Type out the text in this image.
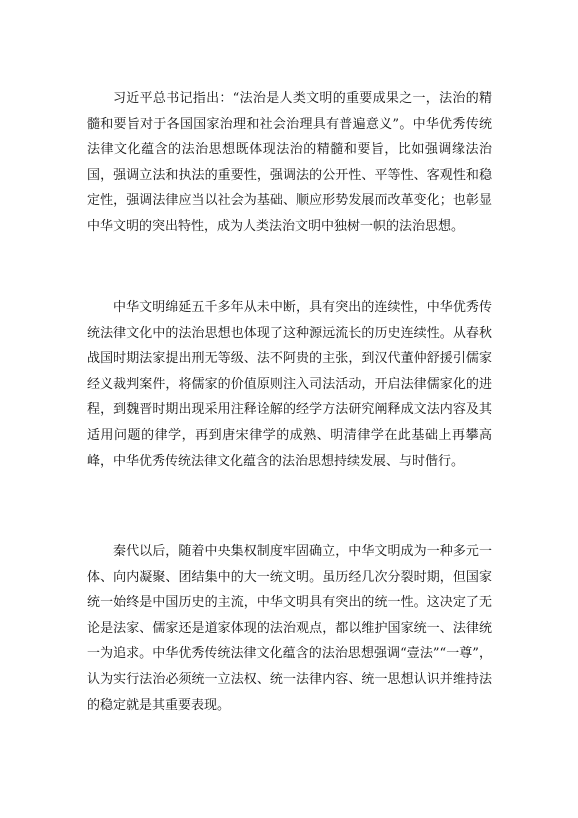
习近平总书记指出：“法治是人类文明的重要成果之一，法治的精髓和要旨对于各国国家治理和社会治理具有普遍意义”。中华优秀传统法律文化蕴含的法治思想既体现法治的精髓和要旨，比如强调缘法治国，强调立法和执法的重要性，强调法的公开性、平等性、客观性和稳定性，强调法律应当以社会为基础、顺应形势发展而改革变化；也彰显中华文明的突出特性，成为人类法治文明中独树一帜的法治思想。

中华文明绵延五千多年从未中断，具有突出的连续性，中华优秀传统法律文化中的法治思想也体现了这种源远流长的历史连续性。从春秋战国时期法家提出刑无等级、法不阿贵的主张，到汉代董仲舒援引儒家经义裁判案件，将儒家的价值原则注入司法活动，开启法律儒家化的进程，到魏晋时期出现采用注释诠解的经学方法研究阐释成文法内容及其适用问题的律学，再到唐宋律学的成熟、明清律学在此基础上再攀高峰，中华优秀传统法律文化蕴含的法治思想持续发展、与时偕行。

秦代以后，随着中央集权制度牢固确立，中华文明成为一种多元一体、向内凝聚、团结集中的大一统文明。虽历经几次分裂时期，但国家统一始终是中国历史的主流，中华文明具有突出的统一性。这决定了无论是法家、儒家还是道家体现的法治观点，都以维护国家统一、法律统一为追求。中华优秀传统法律文化蕴含的法治思想强调“壹法”“一尊”，认为实行法治必须统一立法权、统一法律内容、统一思想认识并维持法的稳定就是其重要表现。
